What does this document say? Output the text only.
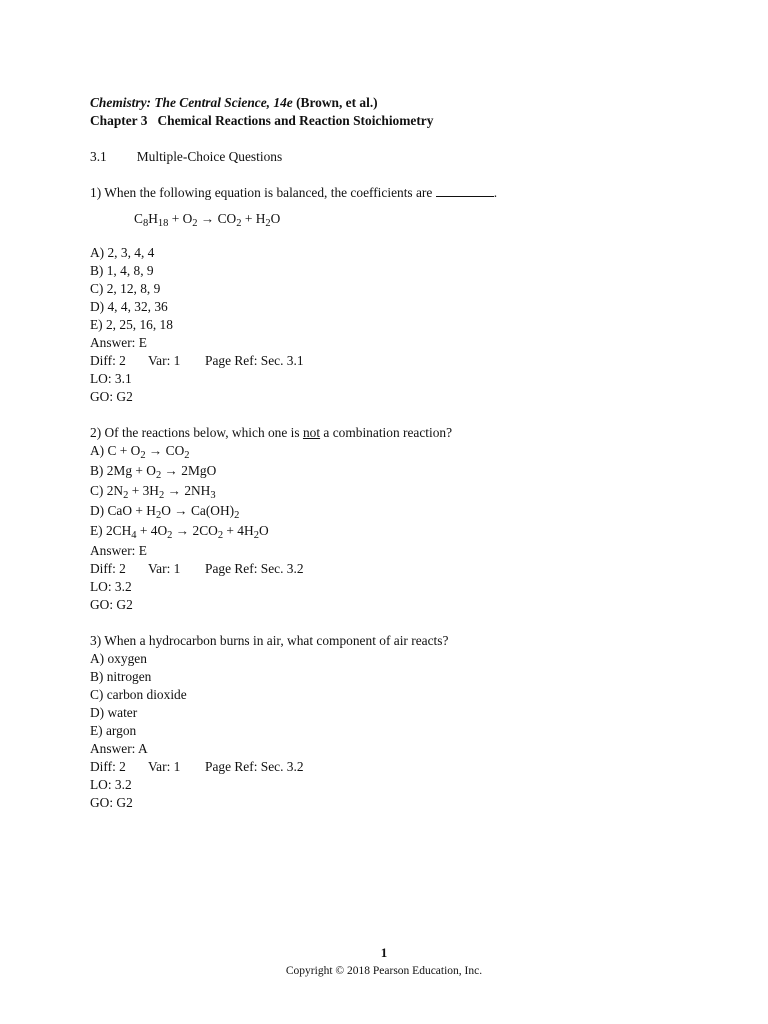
Chemistry: The Central Science, 14e (Brown, et al.)
Chapter 3 Chemical Reactions and Reaction Stoichiometry
3.1 Multiple-Choice Questions
1) When the following equation is balanced, the coefficients are	.
$C_8H_{18} + O_2 \to CO_2 + H_2O$
A) 2, 3, 4, 4
B) 1, 4, 8, 9
C) 2, 12, 8, 9
D) 4, 4, 32, 36
E) 2, 25, 16, 18
Answer: E
Diff: 2 Var: 1 Page Ref: Sec. 3.1
LO: 3.1
GO: G2
2) Of the reactions below, which one is not a combination reaction?
A) $C + O_2 \to CO_2$
B) $2Mg + O_2 \to 2MgO$
C) $2N_2 + 3H_2 \to 2NH_3$
D) CaO + $H_2O \to Ca(OH)_2$
E) $2CH_4 + 4O_2 \to 2CO_2 + 4H_2O$
Answer: E
Diff: 2 Var: 1 Page Ref: Sec. 3.2
LO: 3.2
GO: G2
3) When a hydrocarbon burns in air, what component of air reacts?
A) oxygen
B) nitrogen
C) carbon dioxide
D) water
E) argon
Answer: A
Diff: 2 Var: 1 Page Ref: Sec. 3.2
LO: 3.2
GO: G2
1
Copyright © 2018 Pearson Education, Inc.
